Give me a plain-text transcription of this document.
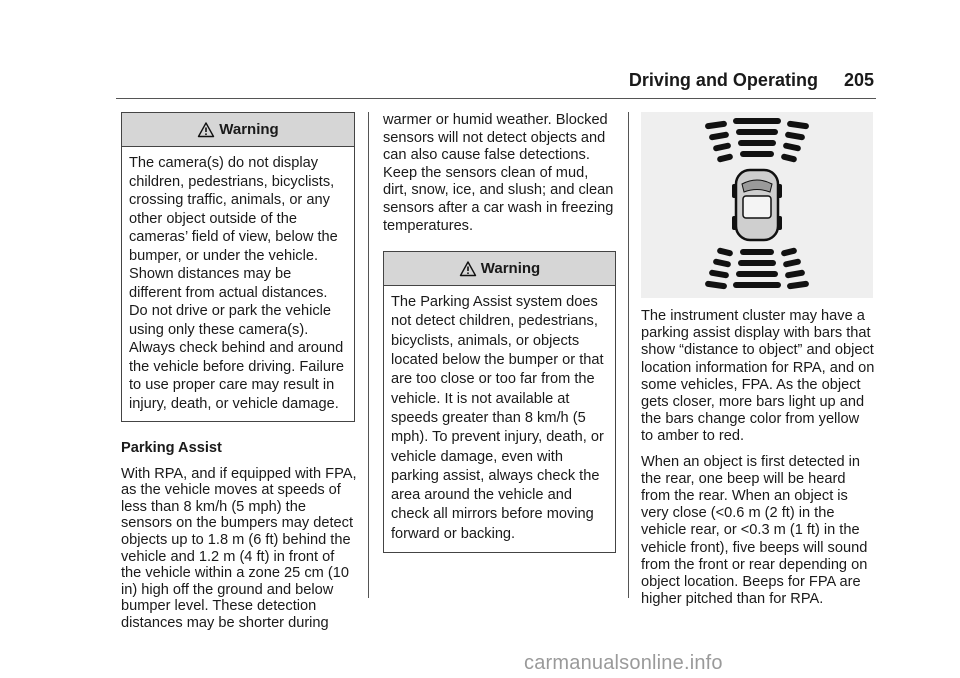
Driving and Operating 205
Warning
The camera(s) do not display children, pedestrians, bicyclists, crossing traffic, animals, or any other object outside of the cameras’ field of view, below the bumper, or under the vehicle. Shown distances may be different from actual distances. Do not drive or park the vehicle using only these camera(s). Always check behind and around the vehicle before driving. Failure to use proper care may result in injury, death, or vehicle damage.
Parking Assist

With RPA, and if equipped with FPA, as the vehicle moves at speeds of less than 8 km/h (5 mph) the sensors on the bumpers may detect objects up to 1.8 m (6 ft) behind the vehicle and 1.2 m (4 ft) in front of the vehicle within a zone 25 cm (10 in) high off the ground and below bumper level. These detection distances may be shorter during

warmer or humid weather. Blocked sensors will not detect objects and can also cause false detections. Keep the sensors clean of mud, dirt, snow, ice, and slush; and clean sensors after a car wash in freezing temperatures.

Warning
The Parking Assist system does not detect children, pedestrians, bicyclists, animals, or objects located below the bumper or that are too close or too far from the vehicle. It is not available at speeds greater than 8 km/h (5 mph). To prevent injury, death, or vehicle damage, even with parking assist, always check the area around the vehicle and check all mirrors before moving forward or backing.

The instrument cluster may have a parking assist display with bars that show “distance to object” and object location information for RPA, and on some vehicles, FPA. As the object gets closer, more bars light up and the bars change color from yellow to amber to red.

When an object is first detected in the rear, one beep will be heard from the rear. When an object is very close (<0.6 m (2 ft) in the vehicle rear, or <0.3 m (1 ft) in the vehicle front), five beeps will sound from the front or rear depending on object location. Beeps for FPA are higher pitched than for RPA.

carmanualsonline.info
